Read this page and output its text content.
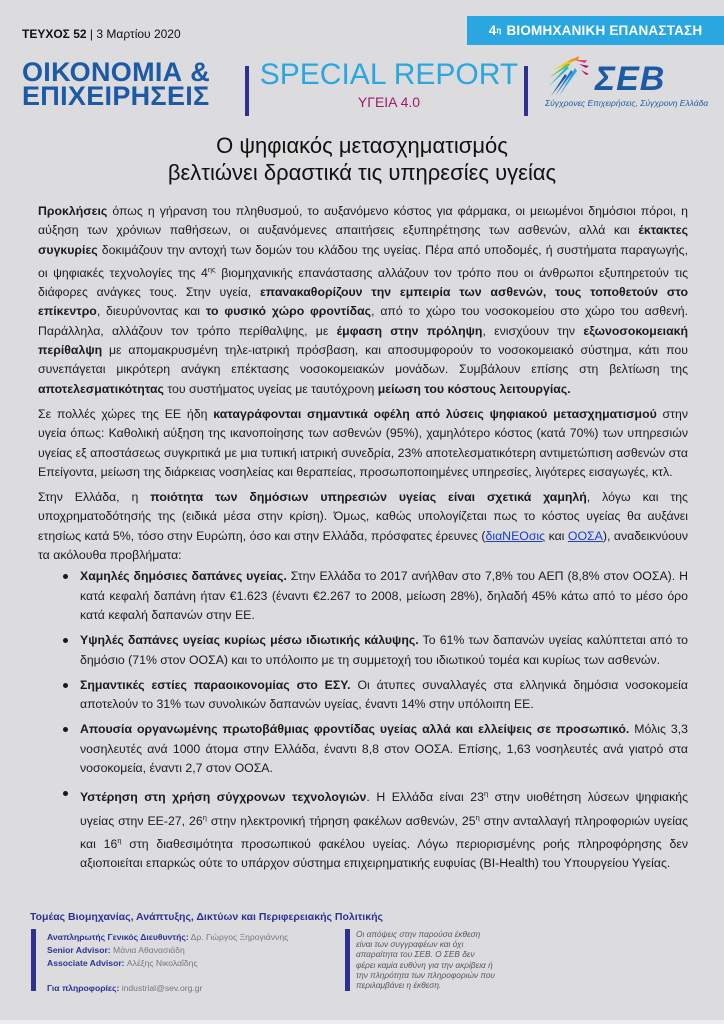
ΤΕΥΧΟΣ 52 | 3 Μαρτίου 2020	4 η
ΒΙΟΜΗΧΑΝΙΚΗ ΕΠΑΝΑΣΤΑΣΗ
ΟΙΚΟΝΟΜΙΑ &
ΕΠΙΧΕΙΡΗΣΕΙΣ
SPECIAL REPORT
ΥΓΕΙΑ 4.0
ΣΕΒ
Σύγχρονες Επιχειρήσεις, Σύγχρονη Ελλάδα
Ο ψηφιακός μετασχηματισμός
βελτιώνει δραστικά τις υπηρεσίες υγείας

Προκλήσεις όπως η γήρανση του πληθυσμού, το αυξανόμενο κόστος για φάρμακα, οι μειωμένοι δημόσιοι πόροι, η αύξηση των χρόνιων παθήσεων, οι αυξανόμενες απαιτήσεις εξυπηρέτησης των ασθενών, αλλά και έκτακτες συγκυρίες δοκιμάζουν την αντοχή των δομών του κλάδου της υγείας. Πέρα από υποδομές, ή συστήματα παραγωγής, οι ψηφιακές τεχνολογίες της $4^{\eta\varsigma}$ βιομηχανικής επανάστασης αλλάζουν τον τρόπο που οι άνθρωποι εξυπηρετούν τις διάφορες ανάγκες τους. Στην υγεία, επανακαθορίζουν την εμπειρία των ασθενών, τους τοποθετούν στο επίκεντρο, διευρύνοντας και το φυσικό χώρο φροντίδας, από το χώρο του νοσοκομείου στο χώρο του ασθενή. Παράλληλα, αλλάζουν τον τρόπο περίθαλψης, με έμφαση στην πρόληψη, ενισχύουν την εξωνοσοκομειακή περίθαλψη με απομακρυσμένη τηλε-ιατρική πρόσβαση, και αποσυμφορούν το νοσοκομειακό σύστημα, κάτι που συνεπάγεται μικρότερη ανάγκη επέκτασης νοσοκομειακών μονάδων. Συμβάλουν επίσης στη βελτίωση της αποτελεσματικότητας του συστήματος υγείας με ταυτόχρονη μείωση του κόστους λειτουργίας.

Σε πολλές χώρες της ΕΕ ήδη καταγράφονται σημαντικά οφέλη από λύσεις ψηφιακού μετασχηματισμού στην υγεία όπως: Καθολική αύξηση της ικανοποίησης των ασθενών (95%), χαμηλότερο κόστος (κατά 70%) των υπηρεσιών υγείας εξ αποστάσεως συγκριτικά με μια τυπική ιατρική συνεδρία, 23% αποτελεσματικότερη αντιμετώπιση ασθενών στα Επείγοντα, μείωση της διάρκειας νοσηλείας και θεραπείας, προσωποποιημένες υπηρεσίες, λιγότερες εισαγωγές, κτλ.

Στην Ελλάδα, η ποιότητα των δημόσιων υπηρεσιών υγείας είναι σχετικά χαμηλή, λόγω και της υποχρηματοδότησής της (ειδικά μέσα στην κρίση). Όμως, καθώς υπολογίζεται πως το κόστος υγείας θα αυξάνει ετησίως κατά 5%, τόσο στην Ευρώπη, όσο και στην Ελλάδα, πρόσφατες έρευνες (διαΝΕΟσις και ΟΟΣΑ), αναδεικνύουν τα ακόλουθα προβλήματα:

Χαμηλές δημόσιες δαπάνες υγείας. Στην Ελλάδα το 2017 ανήλθαν στο 7,8% του ΑΕΠ (8,8% στον ΟΟΣΑ). Η κατά κεφαλή δαπάνη ήταν €1.623 (έναντι €2.267 το 2008, μείωση 28%), δηλαδή 45% κάτω από το μέσο όρο κατά κεφαλή δαπανών στην ΕΕ.
Υψηλές δαπάνες υγείας κυρίως μέσω ιδιωτικής κάλυψης. Το 61% των δαπανών υγείας καλύπτεται από το δημόσιο (71% στον ΟΟΣΑ) και το υπόλοιπο με τη συμμετοχή του ιδιωτικού τομέα και κυρίως των ασθενών.
Σημαντικές εστίες παραοικονομίας στο ΕΣΥ. Οι άτυπες συναλλαγές στα ελληνικά δημόσια νοσοκομεία αποτελούν το 31% των συνολικών δαπανών υγείας, έναντι 14% στην υπόλοιπη ΕΕ.
Απουσία οργανωμένης πρωτοβάθμιας φροντίδας υγείας αλλά και ελλείψεις σε προσωπικό. Μόλις 3,3 νοσηλευτές ανά 1000 άτομα στην Ελλάδα, έναντι 8,8 στον ΟΟΣΑ. Επίσης, 1,63 νοσηλευτές ανά γιατρό στα νοσοκομεία, έναντι 2,7 στον ΟΟΣΑ.
Υστέρηση στη χρήση σύγχρονων τεχνολογιών. Η Ελλάδα είναι $23^\eta$ στην υιοθέτηση λύσεων ψηφιακής υγείας στην ΕΕ-27, $26^\eta$ στην ηλεκτρονική τήρηση φακέλων ασθενών, $25^\eta$ στην ανταλλαγή πληροφοριών υγείας και $16^\eta$ στη διαθεσιμότητα προσωπικού φακέλου υγείας. Λόγω περιορισμένης ροής πληροφόρησης δεν αξιοποιείται επαρκώς ούτε το υπάρχον σύστημα επιχειρηματικής ευφυίας (BI-Health) του Υπουργείου Υγείας.
Τομέας Βιομηχανίας, Ανάπτυξης, Δικτύων και Περιφερειακής Πολιτικής
Αναπληρωτής Γενικός Διευθυντής: Δρ. Γιώργος Ξηρογιάννης
Senior Advisor: Μάνια Αθανασιάδη
Associate Advisor: Αλέξης Νικολαΐδης
Για πληροφορίες: industrial@sev.org.gr
Οι απόψεις στην παρούσα έκθεση είναι των συγγραφέων και όχι απαραίτητα του ΣΕΒ. Ο ΣΕΒ δεν φέρει καμία ευθύνη για την ακρίβεια ή την πληρότητα των πληροφοριών που περιλαμβάνει η έκθεση.
